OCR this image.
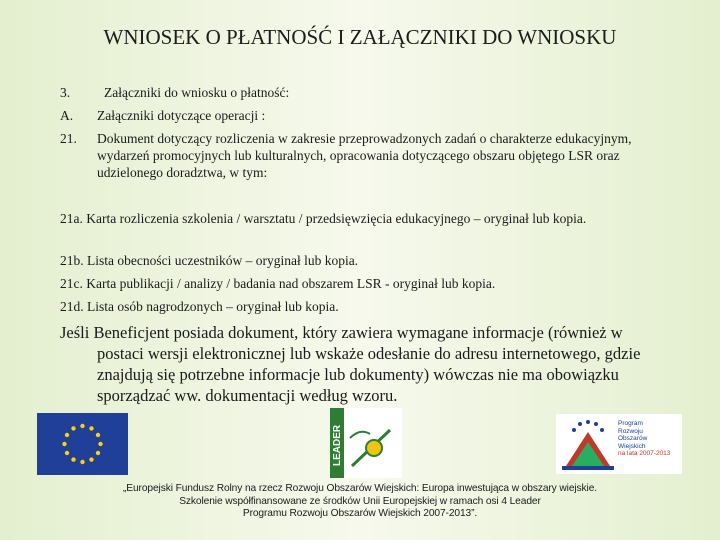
WNIOSEK O PŁATNOŚĆ I ZAŁĄCZNIKI DO WNIOSKU
3.	Załączniki do wniosku o płatność:
A. Załączniki dotyczące operacji :
21. Dokument dotyczący rozliczenia w zakresie przeprowadzonych zadań o charakterze edukacyjnym, wydarzeń promocyjnych lub kulturalnych, opracowania dotyczącego obszaru objętego LSR oraz udzielonego doradztwa, w tym:
21a. Karta rozliczenia szkolenia / warsztatu / przedsięwzięcia edukacyjnego – oryginał lub kopia.
21b. Lista obecności uczestników – oryginał lub kopia.
21c. Karta publikacji / analizy / badania nad obszarem LSR - oryginał lub kopia.
21d. Lista osób nagrodzonych – oryginał lub kopia.
Jeśli Beneficjent posiada dokument, który zawiera wymagane informacje (również w postaci wersji elektronicznej lub wskaże odesłanie do adresu internetowego, gdzie znajdują się potrzebne informacje lub dokumenty) wówczas nie ma obowiązku sporządzać ww. dokumentacji według wzoru.
LEADER
Program
Rozwoju
Obszarów
Wiejskich
na lata 2007-2013
„Europejski Fundusz Rolny na rzecz Rozwoju Obszarów Wiejskich: Europa inwestująca w obszary wiejskie.
Szkolenie współfinansowane ze środków Unii Europejskiej w ramach osi 4 Leader
Programu Rozwoju Obszarów Wiejskich 2007-2013”.
